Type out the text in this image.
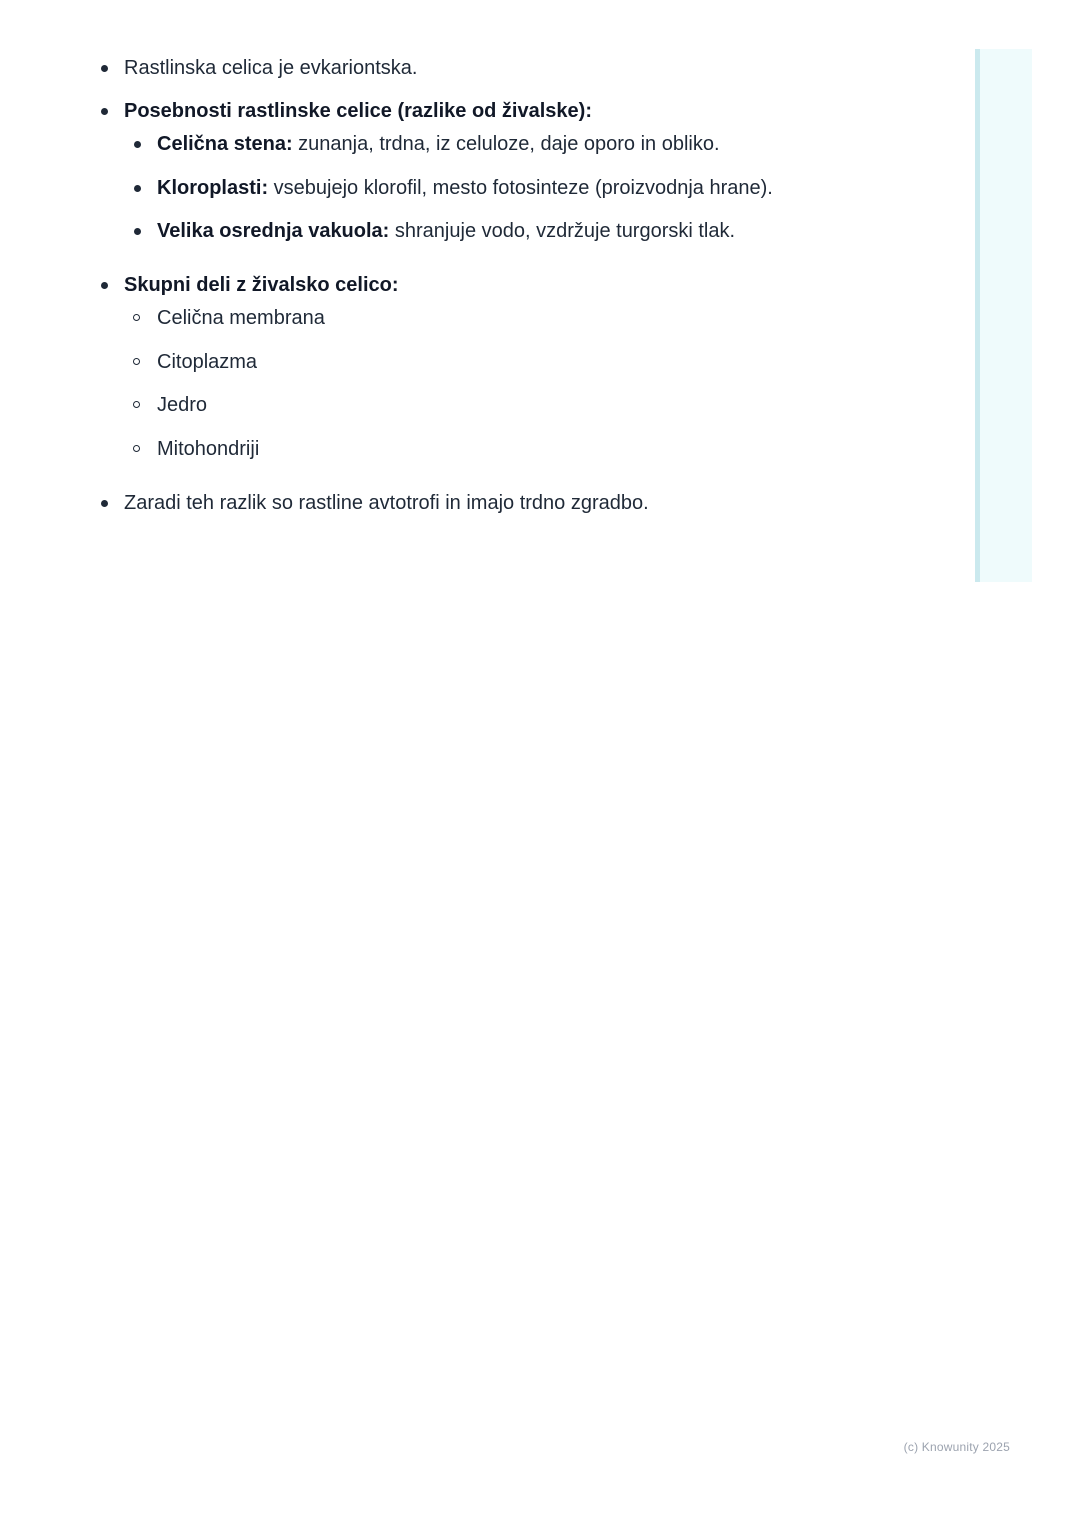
Rastlinska celica je evkariontska.
Posebnosti rastlinske celice (razlike od živalske):
Celična stena: zunanja, trdna, iz celuloze, daje oporo in obliko.
Kloroplasti: vsebujejo klorofil, mesto fotosinteze (proizvodnja hrane).
Velika osrednja vakuola: shranjuje vodo, vzdržuje turgorski tlak.
Skupni deli z živalsko celico:
Celična membrana
Citoplazma
Jedro
Mitohondriji
Zaradi teh razlik so rastline avtotrofi in imajo trdno zgradbo.
(c) Knowunity 2025
